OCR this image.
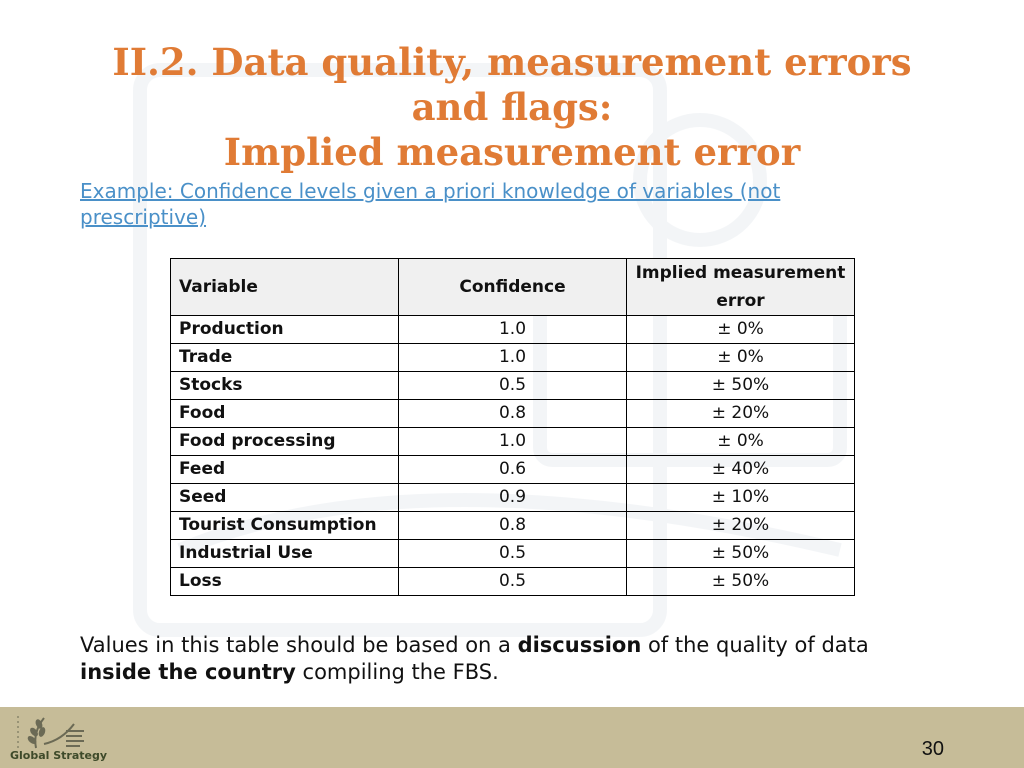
II.2. Data quality, measurement errors
and flags:
Implied measurement error
Example: Confidence levels given a priori knowledge of variables (not
prescriptive)
Variable	Confidence	Implied measurement error
Production	1.0	± 0%
Trade	1.0	± 0%
Stocks	0.5	± 50%
Food	0.8	± 20%
Food processing	1.0	± 0%
Feed	0.6	± 40%
Seed	0.9	± 10%
Tourist Consumption	0.8	± 20%
Industrial Use	0.5	± 50%
Loss	0.5	± 50%
Values in this table should be based on a discussion of the quality of data
inside the country compiling the FBS.
Global Strategy	30
